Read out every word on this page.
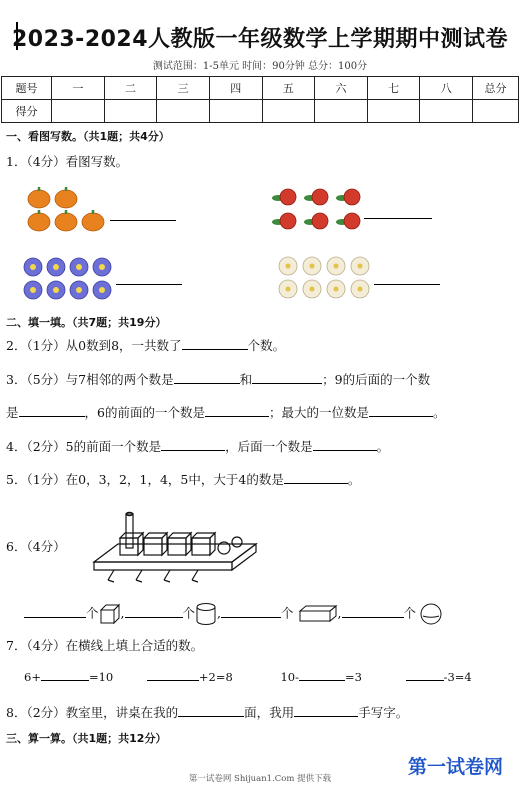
2023-2024人教版一年级数学上学期期中测试卷
测试范围：1-5单元 时间：90分钟 总分：100分
题号	一	二	三	四	五	六	七	八	总分
得分									
一、看图写数。（共1题；共4分）
1．（4分）看图写数。
二、填一填。（共7题；共19分）
2．（1分）从0数到8，一共数了	个数。
3．（5分）与7相邻的两个数是	和	；9的后面的一个数
是	，6的前面的一个数是	；最大的一位数是	。
4．（2分）5的前面一个数是	，后面一个数是	。
5．（1分）在0，3，2，1，4，5中，大于4的数是	。
6．（4分）
个 ,	个 ,	个	,	个
7．（4分）在横线上填上合适的数。
6+	=10	+2=8	10-	=3	-3=4
8．（2分）教室里，讲桌在我的	面，我用	手写字。
三、算一算。（共1题；共12分）
第一试卷网
第一试卷网 Shijuan1.Com 提供下载
